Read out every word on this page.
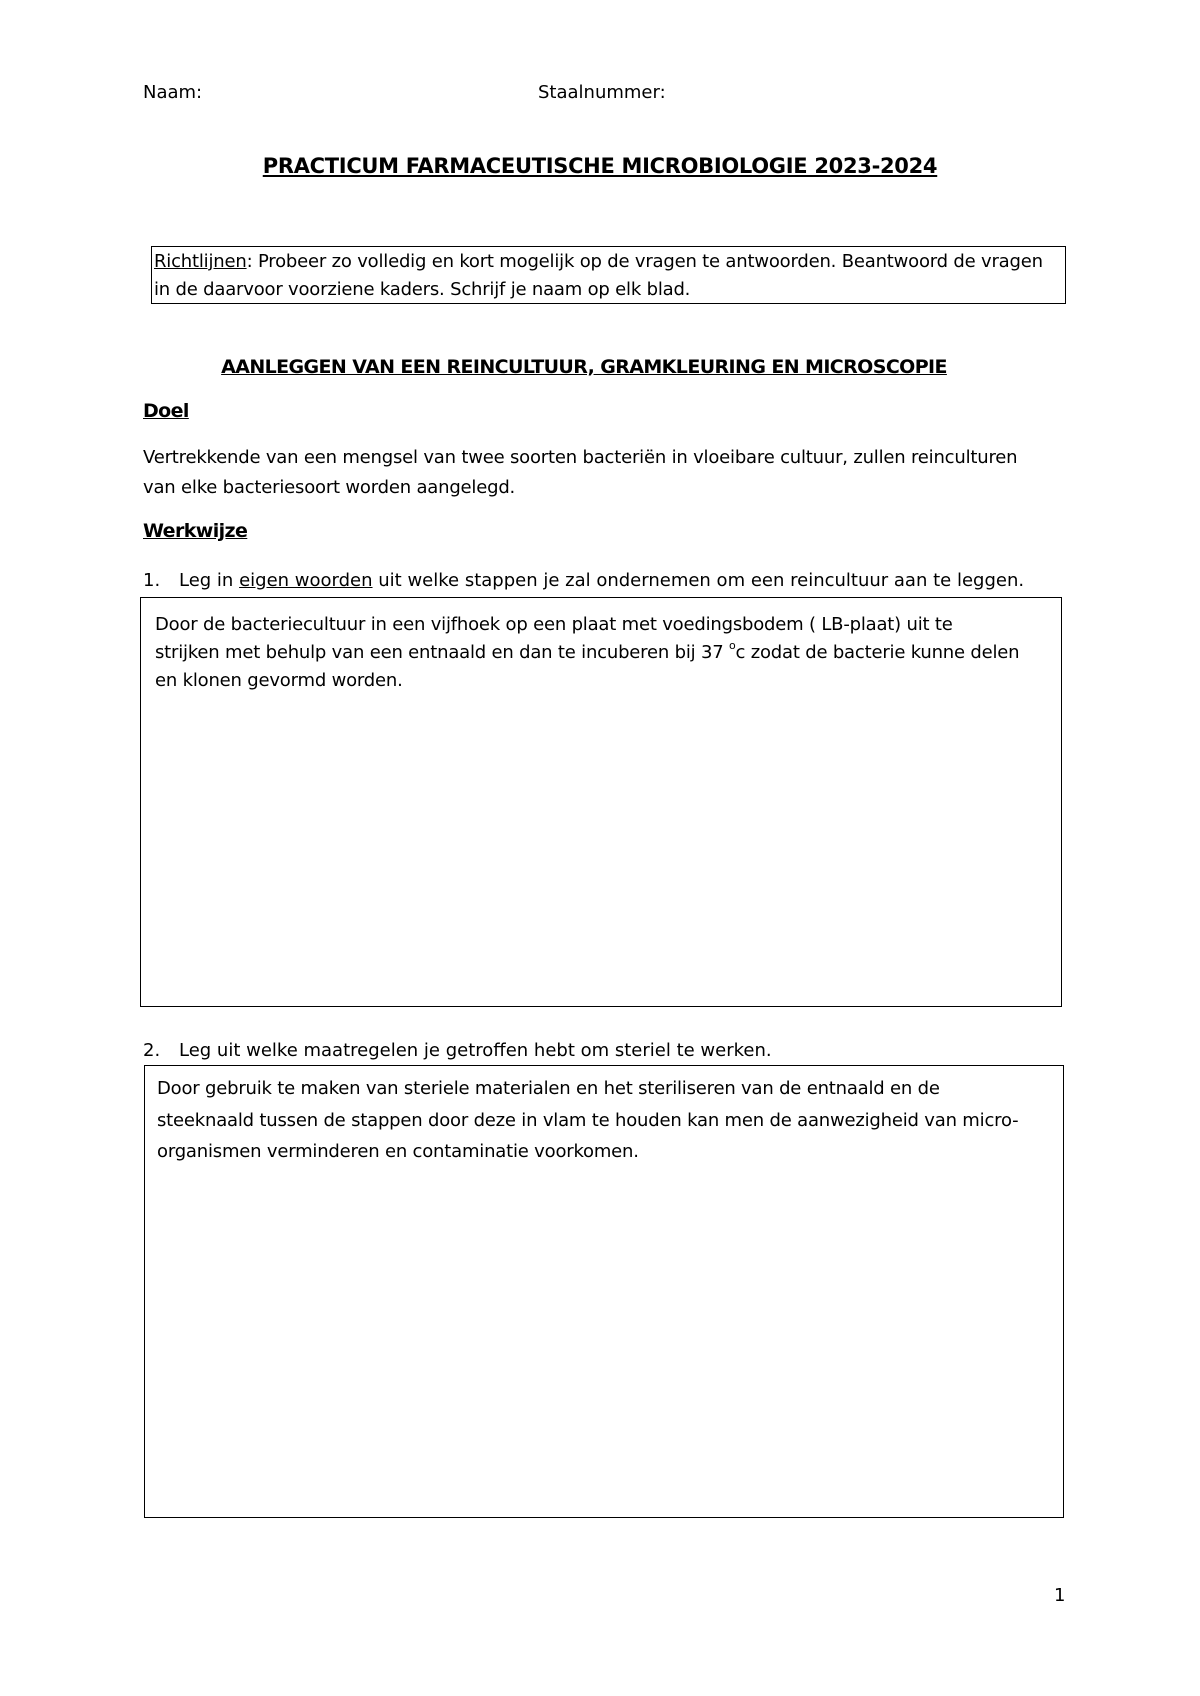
Naam:	Staalnummer:
PRACTICUM FARMACEUTISCHE MICROBIOLOGIE 2023-2024
Richtlijnen: Probeer zo volledig en kort mogelijk op de vragen te antwoorden. Beantwoord de vragen
in de daarvoor voorziene kaders. Schrijf je naam op elk blad.
AANLEGGEN VAN EEN REINCULTUUR, GRAMKLEURING EN MICROSCOPIE
Doel
Vertrekkende van een mengsel van twee soorten bacteriën in vloeibare cultuur, zullen reinculturen
van elke bacteriesoort worden aangelegd.
Werkwijze
1. Leg in eigen woorden uit welke stappen je zal ondernemen om een reincultuur aan te leggen.
Door de bacteriecultuur in een vijfhoek op een plaat met voedingsbodem ( LB-plaat) uit te
strijken met behulp van een entnaald en dan te incuberen bij 37 $^o$c zodat de bacterie kunne delen
en klonen gevormd worden.
2. Leg uit welke maatregelen je getroffen hebt om steriel te werken.
Door gebruik te maken van steriele materialen en het steriliseren van de entnaald en de
steeknaald tussen de stappen door deze in vlam te houden kan men de aanwezigheid van micro-
organismen verminderen en contaminatie voorkomen.
1
